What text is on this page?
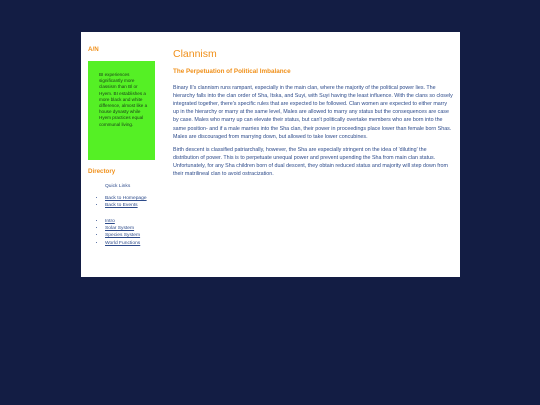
A/N
BI experiences significantly more classism than Bl or Hyem. BI establishes a more black and white difference, almost like a house dynasty while Hyem practices equal communal living.
Directory
Quick Links
• Back to Homepage
• Back to Events
• Intro
• Solar System
• Species System
• World Functions
Clannism
The Perpetuation of Political Imbalance

Binary II's clannism runs rampant, especially in the main clan, where the majority of the political power lies. The hierarchy falls into the clan order of Sha, Itska, and Suyi, with Suyi having the least influence. With the clans so closely integrated together, there's specific rules that are expected to be followed. Clan women are expected to either marry up in the hierarchy or marry at the same level, Males are allowed to marry any status but the consequences are case by case. Males who marry up can elevate their status, but can't politically overtake members who are born into the same position- and if a male marries into the Sha clan, their power in proceedings place lower than female born Shas. Males are discouraged from marrying down, but allowed to take lower concubines.

Birth descent is classified patriarchally, however, the Sha are especially stringent on the idea of 'diluting' the distribution of power. This is to perpetuate unequal power and prevent upending the Sha from main clan status. Unfortunately, for any Sha children born of dual descent, they obtain reduced status and majority will step down from their matrilineal clan to avoid ostracization.
